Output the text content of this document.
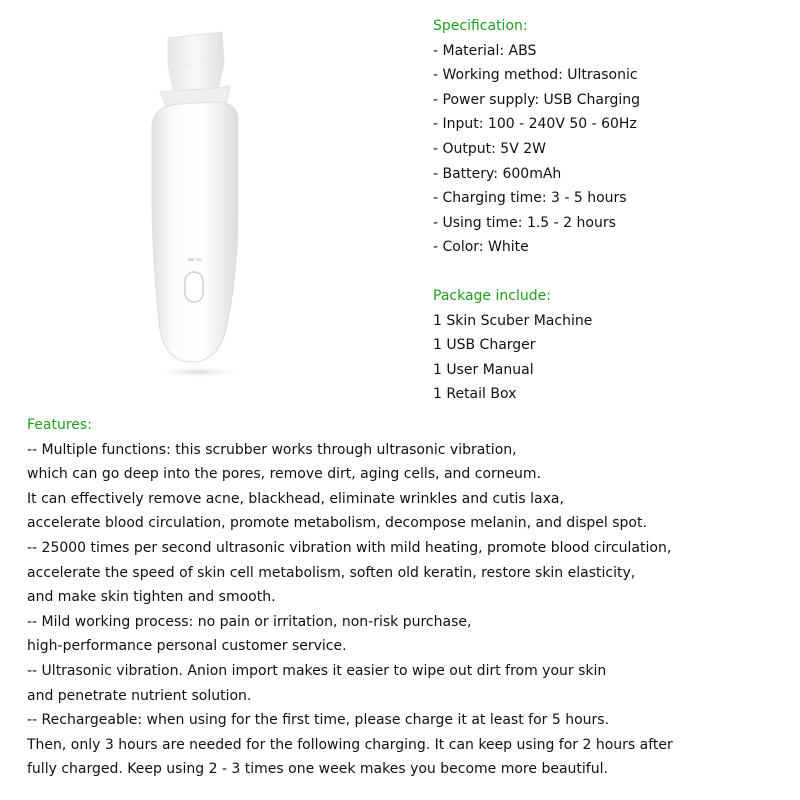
Specification:
- Material: ABS
- Working method: Ultrasonic
- Power supply: USB Charging
- Input: 100 - 240V 50 - 60Hz
- Output: 5V 2W
- Battery: 600mAh
- Charging time: 3 - 5 hours
- Using time: 1.5 - 2 hours
- Color: White
Package include:
1 Skin Scuber Machine
1 USB Charger
1 User Manual
1 Retail Box
Features:
-- Multiple functions: this scrubber works through ultrasonic vibration,
which can go deep into the pores, remove dirt, aging cells, and corneum.
It can effectively remove acne, blackhead, eliminate wrinkles and cutis laxa,
accelerate blood circulation, promote metabolism, decompose melanin, and dispel spot.
-- 25000 times per second ultrasonic vibration with mild heating, promote blood circulation,
accelerate the speed of skin cell metabolism, soften old keratin, restore skin elasticity,
and make skin tighten and smooth.
-- Mild working process: no pain or irritation, non-risk purchase,
high-performance personal customer service.
-- Ultrasonic vibration. Anion import makes it easier to wipe out dirt from your skin
and penetrate nutrient solution.
-- Rechargeable: when using for the first time, please charge it at least for 5 hours.
Then, only 3 hours are needed for the following charging. It can keep using for 2 hours after
fully charged. Keep using 2 - 3 times one week makes you become more beautiful.
